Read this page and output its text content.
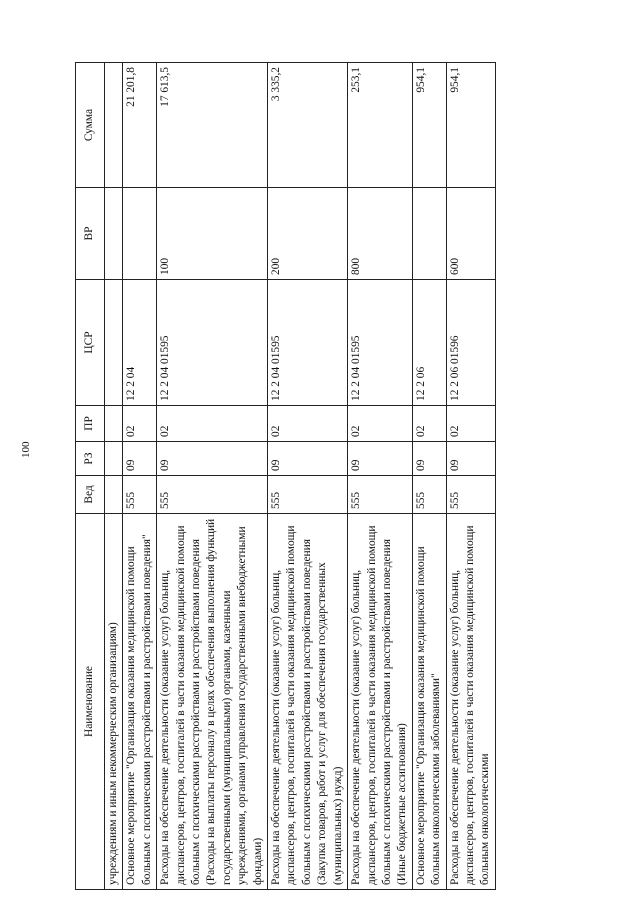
100
Наименование	Вед	РЗ	ПР	ЦСР	ВР	Сумма
учреждениям и иным некоммерческим организациям)						
Основное мероприятие "Организация оказания медицинской помощи больным с психическими расстройствами и расстройствами поведения"	555	09	02	12 2 04		21 201,8
Расходы на обеспечение деятельности (оказание услуг) больниц, диспансеров, центров, госпиталей в части оказания медицинской помощи больным с психическими расстройствами и расстройствами поведения (Расходы на выплаты персоналу в целях обеспечения выполнения функций государственными (муниципальными) органами, казенными учреждениями, органами управления государственными внебюджетными фондами)	555	09	02	12 2 04 01595	100	17 613,5
Расходы на обеспечение деятельности (оказание услуг) больниц, диспансеров, центров, госпиталей в части оказания медицинской помощи больным с психическими расстройствами и расстройствами поведения (Закупка товаров, работ и услуг для обеспечения государственных (муниципальных) нужд)	555	09	02	12 2 04 01595	200	3 335,2
Расходы на обеспечение деятельности (оказание услуг) больниц, диспансеров, центров, госпиталей в части оказания медицинской помощи больным с психическими расстройствами и расстройствами поведения (Иные бюджетные ассигнования)	555	09	02	12 2 04 01595	800	253,1
Основное мероприятие "Организация оказания медицинской помощи больным онкологическими заболеваниями"	555	09	02	12 2 06		954,1
Расходы на обеспечение деятельности (оказание услуг) больниц, диспансеров, центров, госпиталей в части оказания медицинской помощи больным онкологическими	555	09	02	12 2 06 01596	600	954,1
